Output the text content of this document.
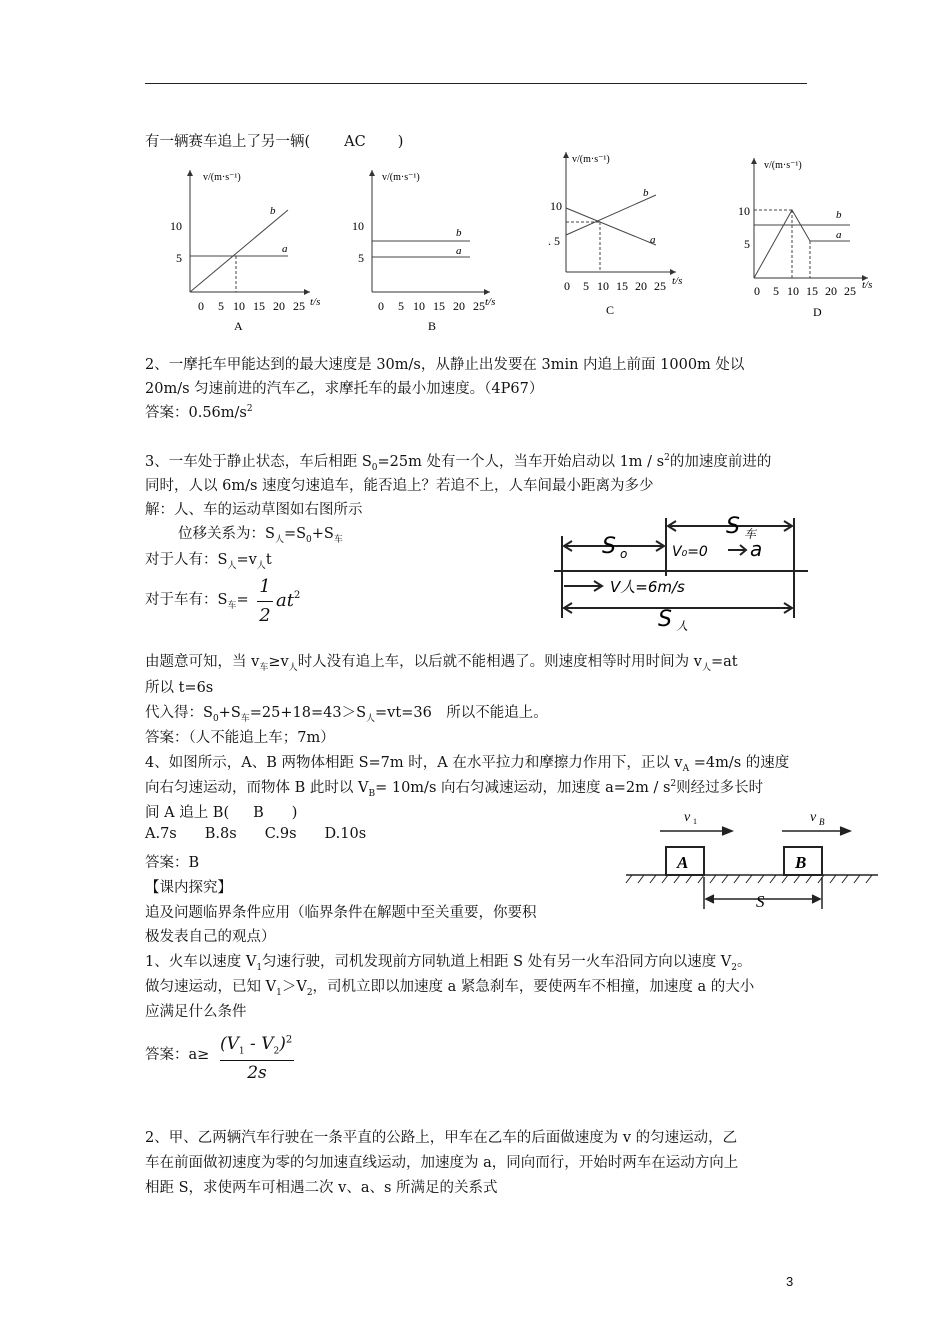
有一辆赛车追上了另一辆( AC )
v/(m·s⁻¹)
10
5
0 5 10 15 20 25 t/s
b
a
A
v/(m·s⁻¹)
10
5
0 5 10 15 20 25 t/s
b
a
B
v/(m·s⁻¹)
10
5
.
0 5 10 15 20 25 t/s
b
a
C
v/(m·s⁻¹)
10
5
0 5 10 15 20 25 t/s
b
a
D
2、一摩托车甲能达到的最大速度是 30m/s，从静止出发要在 3min 内追上前面 1000m 处以
20m/s 匀速前进的汽车乙，求摩托车的最小加速度。（4P67）
答案：$0.56m/s^2$
3、一车处于静止状态，车后相距 $S_0=25m$ 处有一个人，当车开始启动以 $1m / s^2$的加速度前进的
同时，人以 6m/s 速度匀速追车，能否追上？若追不上，人车间最小距离为多少
解：人、车的运动草图如右图所示
位移关系为：$S_人=S_0+S_车$
对于人有：$S_人=v_人t$
对于车有：$S_车=$
1
2
$at^2$
S o
S 车
V₀=0 a
V人=6m/s
S 人
由题意可知，当 $v_车\ge v_人$时人没有追上车，以后就不能相遇了。则速度相等时用时间为 $v_人=at$
所以 t=6s
代入得：$S_0+S_车=25+18=43>S_人=vt=36$　所以不能追上。
答案：（人不能追上车；7m）
4、如图所示，A、B 两物体相距 S=7m 时，A 在水平拉力和摩擦力作用下，正以 $v_A =4m/s$ 的速度
向右匀速运动，而物体 B 此时以 $V_B= 10m/s$ 向右匀减速运动，加速度 $a=2m / s^2$则经过多长时
间 A 追上 B( B )
A.7s B.8s C.9s D.10s
答案：B	A	B
v 1	v B
S
【课内探究】
追及问题临界条件应用（临界条件在解题中至关重要，你要积
极发表自己的观点）
1、火车以速度 $V_1$匀速行驶，司机发现前方同轨道上相距 S 处有另一火车沿同方向以速度 $V_2$。
做匀速运动，已知 $V_1>V_2$，司机立即以加速度 a 紧急刹车，要使两车不相撞，加速度 a 的大小
应满足什么条件
答案：a≥
$(V_1 - V_2)^2$
2s
2、甲、乙两辆汽车行驶在一条平直的公路上，甲车在乙车的后面做速度为 v 的匀速运动，乙
车在前面做初速度为零的匀加速直线运动，加速度为 a，同向而行，开始时两车在运动方向上
相距 S，求使两车可相遇二次 v、a、s 所满足的关系式
3
